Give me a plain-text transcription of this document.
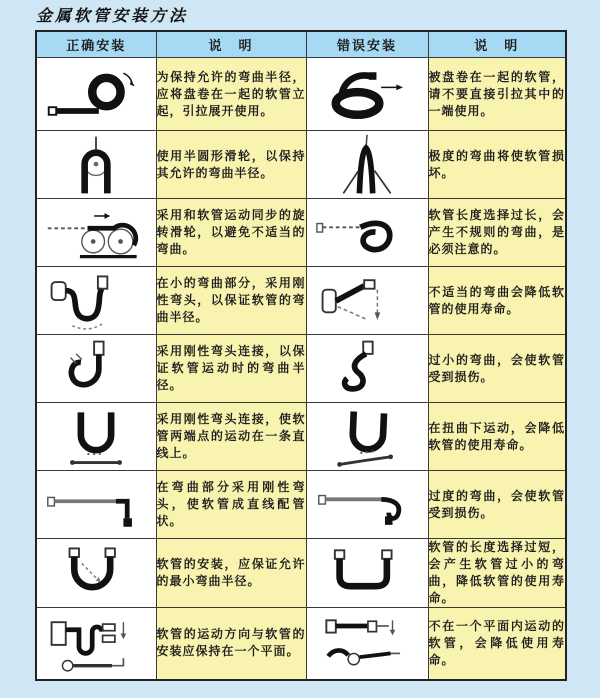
金属软管安装方法
正确安装	说　明	错误安装	说　明

	为保持允许的弯曲半径，应将盘卷在一起的软管立起，引拉展开使用。		被盘卷在一起的软管，请不要直接引拉其中的一端使用。

	使用半圆形滑轮，以保持其允许的弯曲半径。		极度的弯曲将使软管损坏。

	采用和软管运动同步的旋转滑轮，以避免不适当的弯曲。		软管长度选择过长，会产生不规则的弯曲，是必须注意的。

	在小的弯曲部分，采用刚性弯头，以保证软管的弯曲半径。		不适当的弯曲会降低软管的使用寿命。

	采用刚性弯头连接，以保证软管运动时的弯曲半径。		过小的弯曲，会使软管受到损伤。

	采用刚性弯头连接，使软管两端点的运动在一条直线上。		在扭曲下运动，会降低软管的使用寿命。

	在弯曲部分采用刚性弯头，使软管成直线配管状。		过度的弯曲，会使软管受到损伤。

	软管的安装，应保证允许的最小弯曲半径。		软管的长度选择过短，会产生软管过小的弯曲，降低软管的使用寿命。

	软管的运动方向与软管的安装应保持在一个平面。		不在一个平面内运动的软管，会降低使用寿命。
